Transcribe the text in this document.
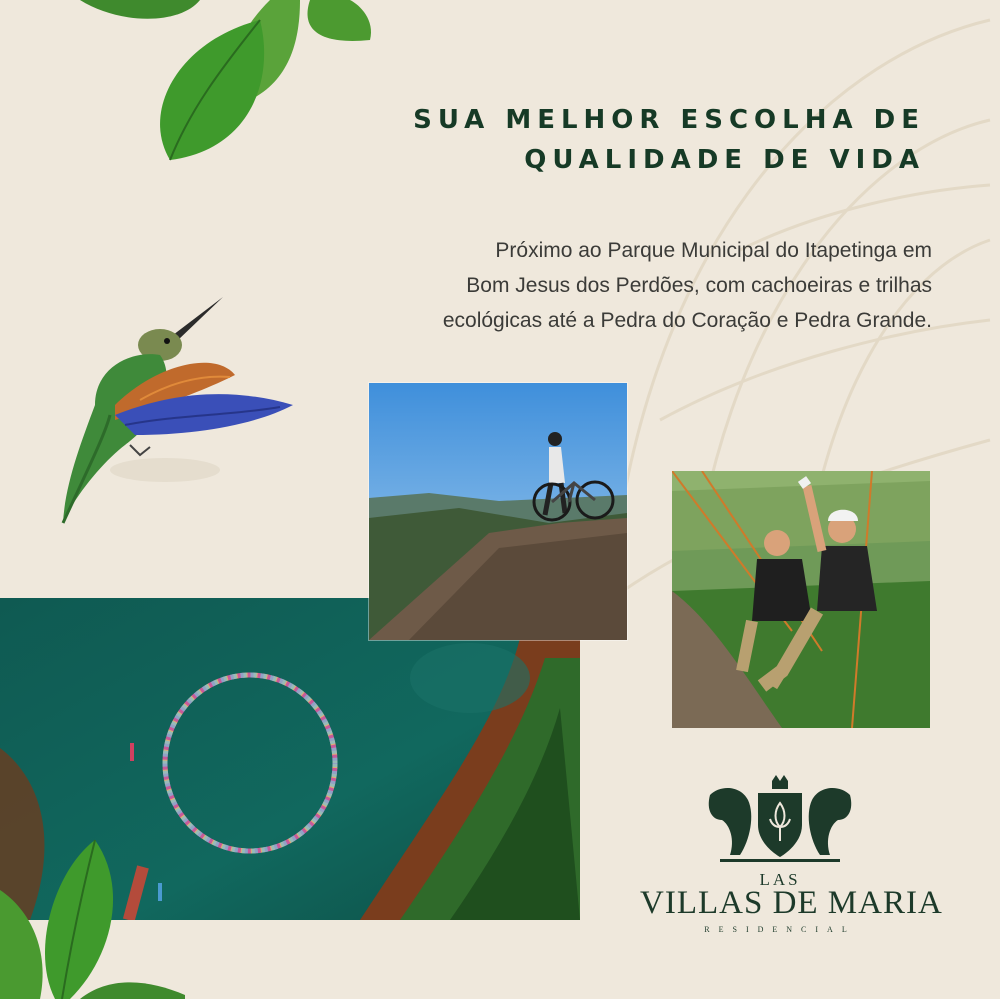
SUA MELHOR ESCOLHA DE
QUALIDADE DE VIDA
Próximo ao Parque Municipal do Itapetinga em
Bom Jesus dos Perdões, com cachoeiras e trilhas
ecológicas até a Pedra do Coração e Pedra Grande.
LAS
VILLAS DE MARIA
RESIDENCIAL
